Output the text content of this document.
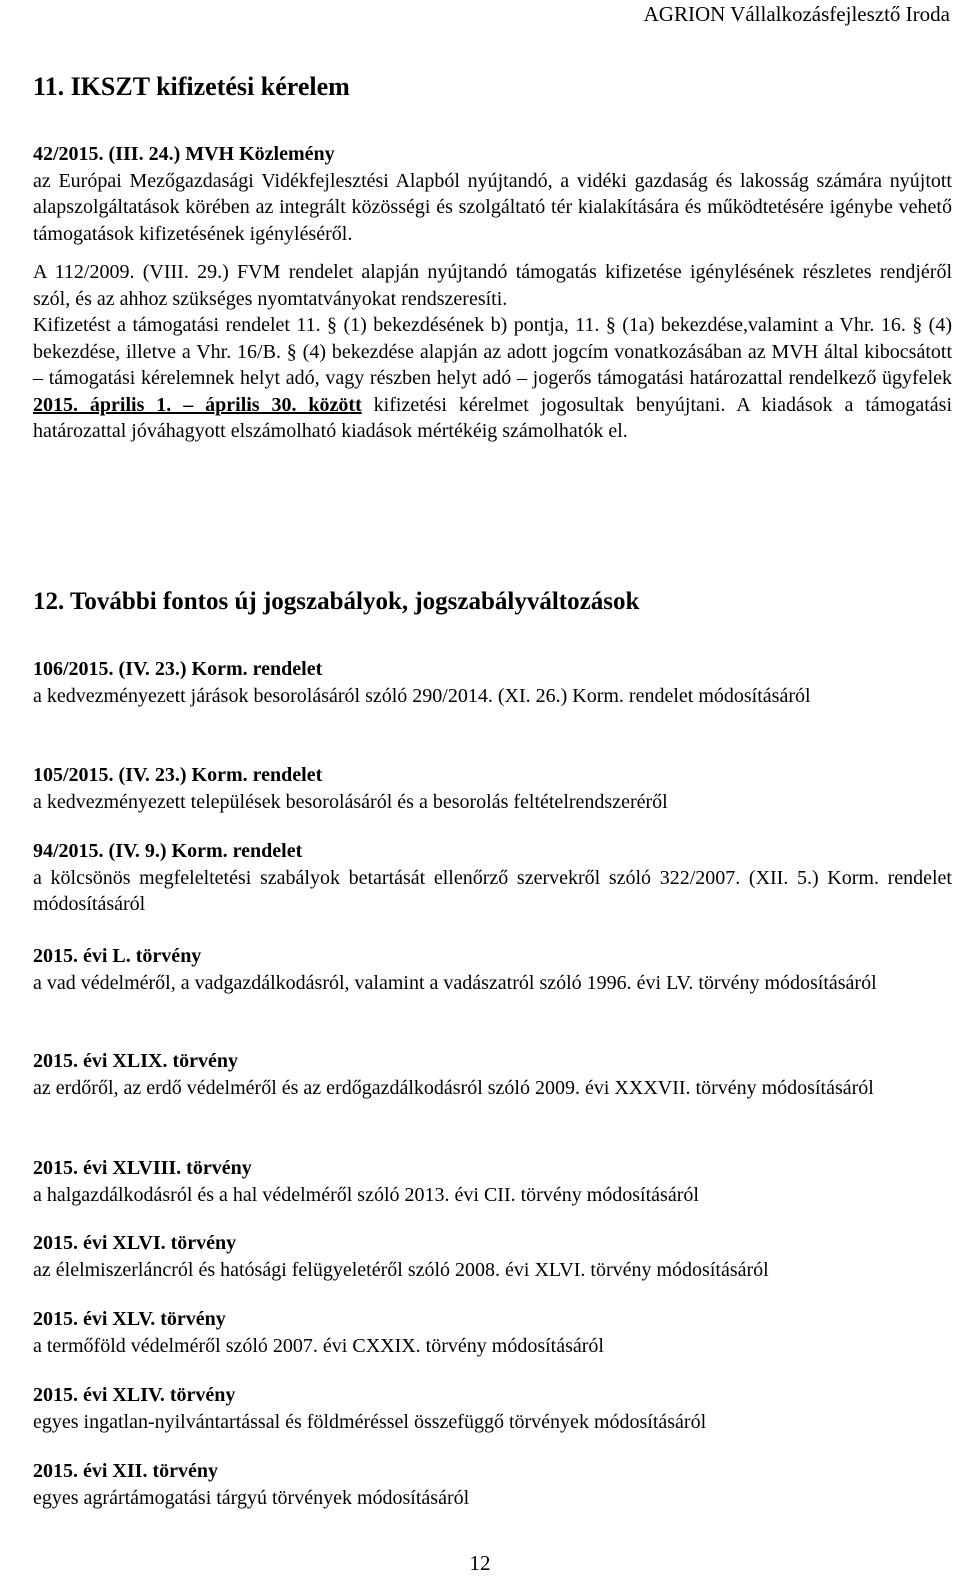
AGRION Vállalkozásfejlesztő Iroda
11. IKSZT kifizetési kérelem

42/2015. (III. 24.) MVH Közlemény

az Európai Mezőgazdasági Vidékfejlesztési Alapból nyújtandó, a vidéki gazdaság és lakosság számára nyújtott alapszolgáltatások körében az integrált közösségi és szolgáltató tér kialakítására és működtetésére igénybe vehető támogatások kifizetésének igényléséről.

A 112/2009. (VIII. 29.) FVM rendelet alapján nyújtandó támogatás kifizetése igénylésének részletes rendjéről szól, és az ahhoz szükséges nyomtatványokat rendszeresíti.

Kifizetést a támogatási rendelet 11. § (1) bekezdésének b) pontja, 11. § (1a) bekezdése,valamint a Vhr. 16. § (4) bekezdése, illetve a Vhr. 16/B. § (4) bekezdése alapján az adott jogcím vonatkozásában az MVH által kibocsátott – támogatási kérelemnek helyt adó, vagy részben helyt adó – jogerős támogatási határozattal rendelkező ügyfelek 2015. április 1. – április 30. között kifizetési kérelmet jogosultak benyújtani. A kiadások a támogatási határozattal jóváhagyott elszámolható kiadások mértékéig számolhatók el.

12. További fontos új jogszabályok, jogszabályváltozások
106/2015. (IV. 23.) Korm. rendelet
a kedvezményezett járások besorolásáról szóló 290/2014. (XI. 26.) Korm. rendelet módosításáról
105/2015. (IV. 23.) Korm. rendelet
a kedvezményezett települések besorolásáról és a besorolás feltételrendszeréről
94/2015. (IV. 9.) Korm. rendelet
a kölcsönös megfeleltetési szabályok betartását ellenőrző szervekről szóló 322/2007. (XII. 5.) Korm. rendelet módosításáról
2015. évi L. törvény
a vad védelméről, a vadgazdálkodásról, valamint a vadászatról szóló 1996. évi LV. törvény módosításáról
2015. évi XLIX. törvény
az erdőről, az erdő védelméről és az erdőgazdálkodásról szóló 2009. évi XXXVII. törvény módosításáról
2015. évi XLVIII. törvény
a halgazdálkodásról és a hal védelméről szóló 2013. évi CII. törvény módosításáról
2015. évi XLVI. törvény
az élelmiszerláncról és hatósági felügyeletéről szóló 2008. évi XLVI. törvény módosításáról
2015. évi XLV. törvény
a termőföld védelméről szóló 2007. évi CXXIX. törvény módosításáról
2015. évi XLIV. törvény
egyes ingatlan-nyilvántartással és földméréssel összefüggő törvények módosításáról
2015. évi XII. törvény
egyes agrártámogatási tárgyú törvények módosításáról
12
